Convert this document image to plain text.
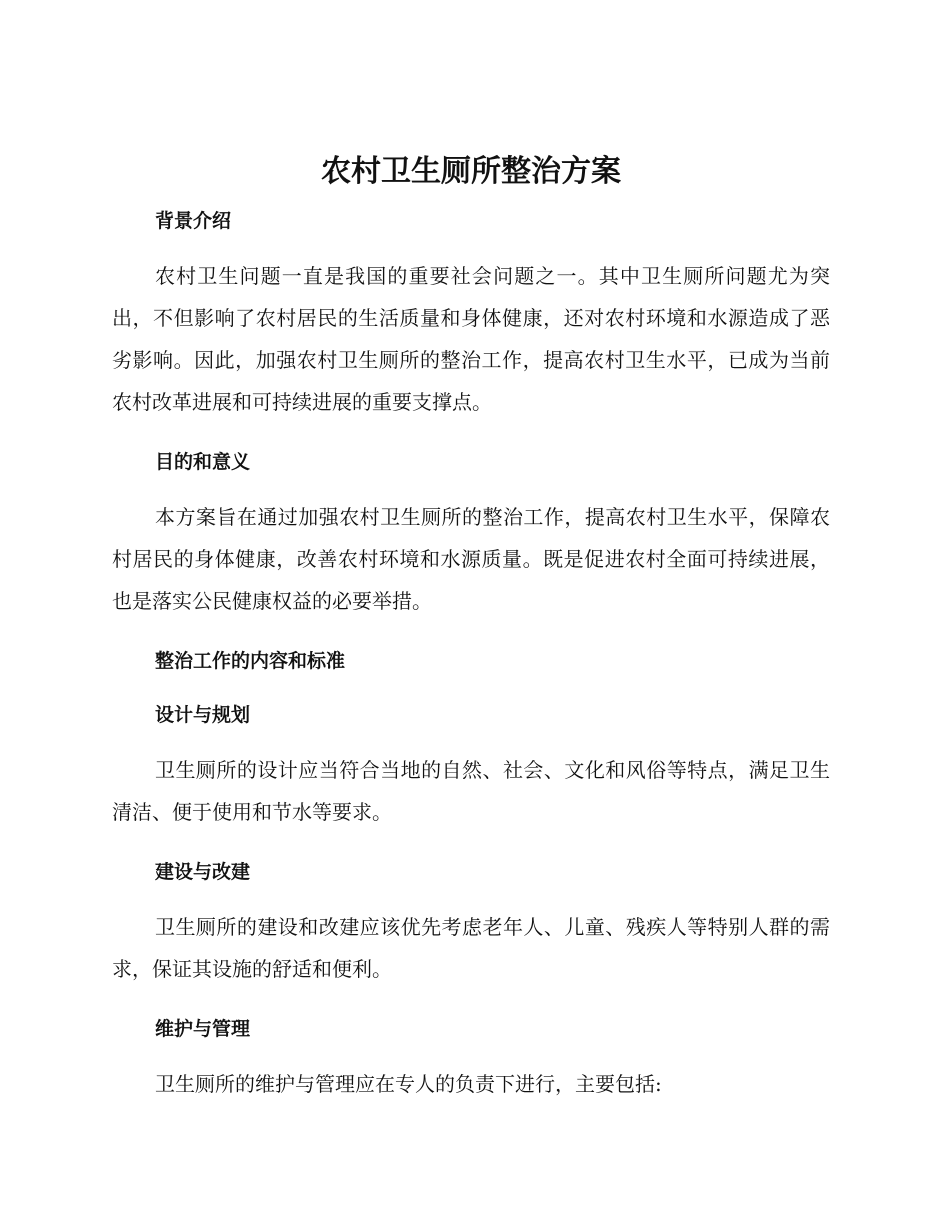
农村卫生厕所整治方案
背景介绍

农村卫生问题一直是我国的重要社会问题之一。其中卫生厕所问题尤为突出，不但影响了农村居民的生活质量和身体健康，还对农村环境和水源造成了恶劣影响。因此，加强农村卫生厕所的整治工作，提高农村卫生水平，已成为当前农村改革进展和可持续进展的重要支撑点。

目的和意义

本方案旨在通过加强农村卫生厕所的整治工作，提高农村卫生水平，保障农村居民的身体健康，改善农村环境和水源质量。既是促进农村全面可持续进展，也是落实公民健康权益的必要举措。

整治工作的内容和标准
设计与规划

卫生厕所的设计应当符合当地的自然、社会、文化和风俗等特点，满足卫生清洁、便于使用和节水等要求。

建设与改建

卫生厕所的建设和改建应该优先考虑老年人、儿童、残疾人等特别人群的需求，保证其设施的舒适和便利。

维护与管理

卫生厕所的维护与管理应在专人的负责下进行，主要包括:
